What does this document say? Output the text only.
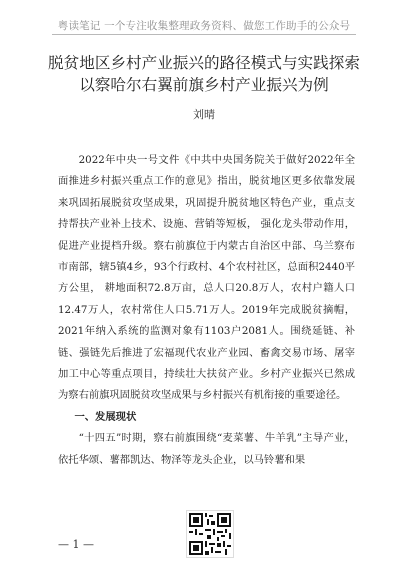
粤读笔记 一个专注收集整理政务资料、做您工作助手的公众号
脱贫地区乡村产业振兴的路径模式与实践探索
以察哈尔右翼前旗乡村产业振兴为例
刘晴

2022年中央一号文件《中共中央国务院关于做好2022年全面推进乡村振兴重点工作的意见》指出，脱贫地区更多依靠发展来巩固拓展脱贫攻坚成果，巩固提升脱贫地区特色产业，重点支持帮扶产业补上技术、设施、营销等短板， 强化龙头带动作用，促进产业提档升级。察右前旗位于内蒙古自治区中部、乌兰察布市南部，辖5镇4乡，93个行政村、4个农村社区，总面积2440平方公里， 耕地面积72.8万亩，总人口20.8万人，农村户籍人口12.47万人，农村常住人口5.71万人。2019年完成脱贫摘帽，2021年纳入系统的监测对象有1103户2081人。围绕延链、补链、强链先后推进了宏福现代农业产业园、畜禽交易市场、屠宰加工中心等重点项目，持续壮大扶贫产业。乡村产业振兴已然成为察右前旗巩固脱贫攻坚成果与乡村振兴有机衔接的重要途径。

一、发展现状

“十四五”时期，察右前旗围绕“麦菜薯、牛羊乳”主导产业，依托华颂、薯都凯达、物泽等龙头企业，以马铃薯和果

— 1 —
